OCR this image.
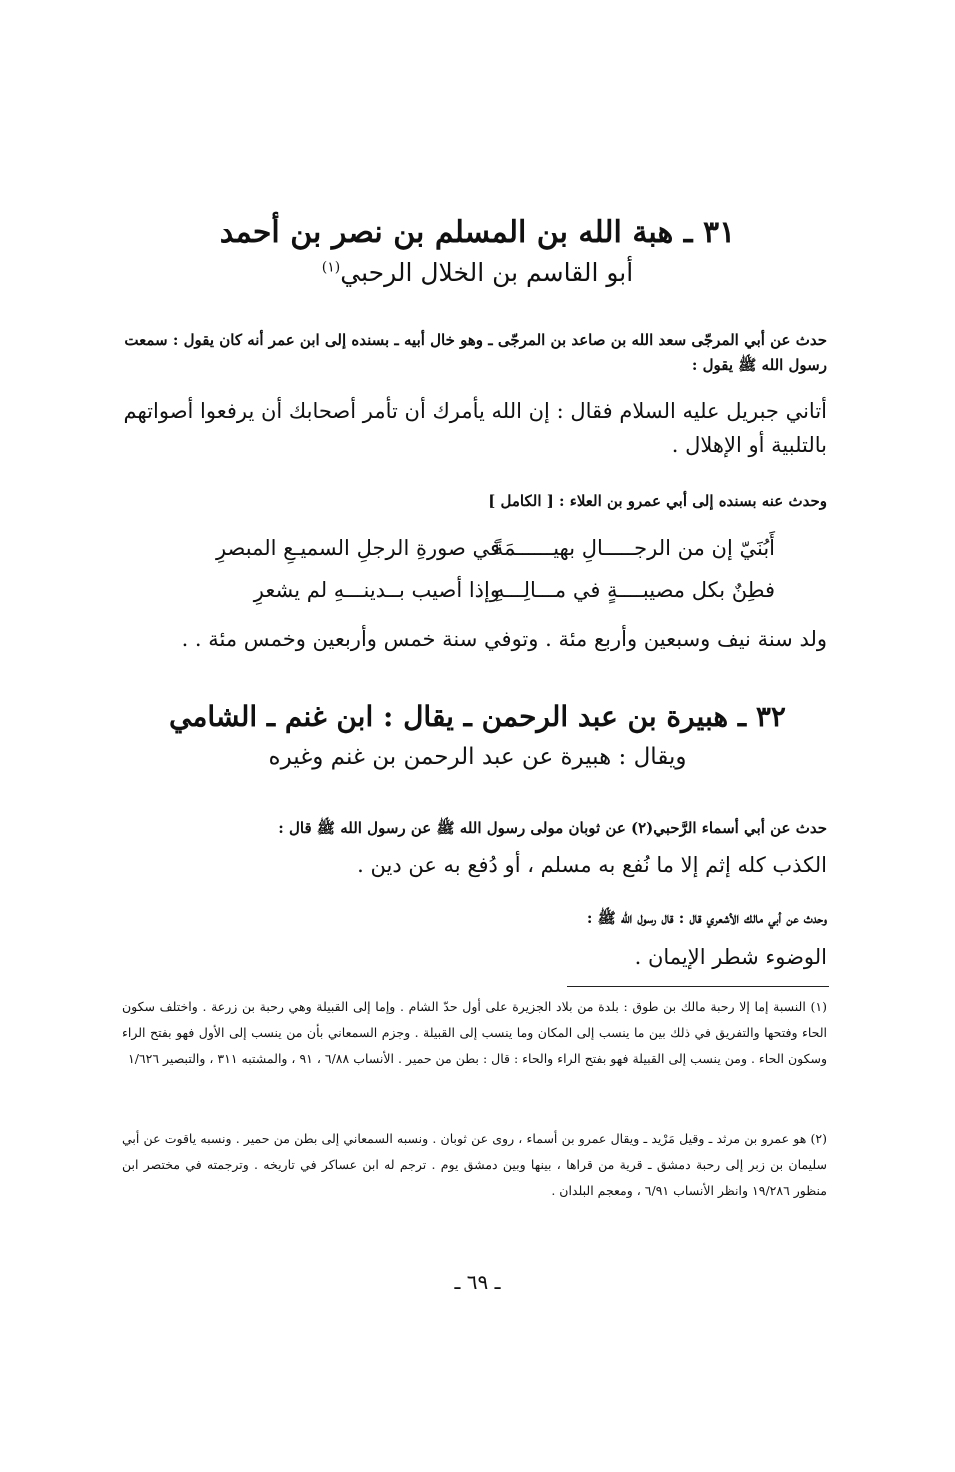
٣١ ـ هبة الله بن المسلم بن نصر بن أحمد
أبو القاسم بن الخلال الرحبي$^{(١)}$
حدث عن أبي المرجّى سعد الله بن صاعد بن المرجّى ـ وهو خال أبيه ـ بسنده إلى ابن عمر أنه كان يقول : سمعت رسول الله ﷺ يقول :
أتاني جبريل عليه السلام فقال : إن الله يأمرك أن تأمر أصحابك أن يرفعوا أصواتهم بالتلبية أو الإهلال .
وحدث عنه بسنده إلى أبي عمرو بن العلاء : [ الكامل ]
أَبُنَيّ إن من الرجـــــالِ بهيــــــمَةً
في صورةِ الرجلِ السميـعِ المبصرِ
فطِنٌ بكل مصيبــــةٍ في مـــالِـــهِ
وإذا أصيب بــدينـــهِ لم يشعرِ
ولد سنة نيف وسبعين وأربع مئة . وتوفي سنة خمس وأربعين وخمس مئة . .
٣٢ ـ هبيرة بن عبد الرحمن ـ يقال : ابن غنم ـ الشامي
ويقال : هبيرة عن عبد الرحمن بن غنم وغيره
حدث عن أبي أسماء الرَّحبي(٢) عن ثوبان مولى رسول الله ﷺ عن رسول الله ﷺ قال :
الكذب كله إثم إلا ما نُفع به مسلم ، أو دُفع به عن دين .
وحدث عن أبي مالك الأشعري قال : قال رسول الله ﷺ :
الوضوء شطر الإيمان .
(١) النسبة إما إلا رحبة مالك بن طوق : بلدة من بلاد الجزيرة على أول حدّ الشام . وإما إلى القبيلة وهي رحبة بن زرعة . واختلف سكون الحاء وفتحها والتفريق في ذلك بين ما ينسب إلى المكان وما ينسب إلى القبيلة . وجزم السمعاني بأن من ينسب إلى الأول فهو بفتح الراء وسكون الحاء . ومن ينسب إلى القبيلة فهو بفتح الراء والحاء : قال : بطن من حمير . الأنساب ٦/٨٨ ، ٩١ ، والمشتبه ٣١١ ، والتبصير ١/٦٢٦
(٢) هو عمرو بن مرثد ـ وقيل مَرْيد ـ ويقال عمرو بن أسماء ، روى عن ثوبان . ونسبه السمعاني إلى بطن من حمير . ونسبه ياقوت عن أبي سليمان بن زبر إلى رحبة دمشق ـ قرية من قراها ، بينها وبين دمشق يوم . ترجم له ابن عساكر في تاريخه . وترجمته في مختصر ابن منظور ١٩/٢٨٦ وانظر الأنساب ٦/٩١ ، ومعجم البلدان .
ـ ٦٩ ـ
